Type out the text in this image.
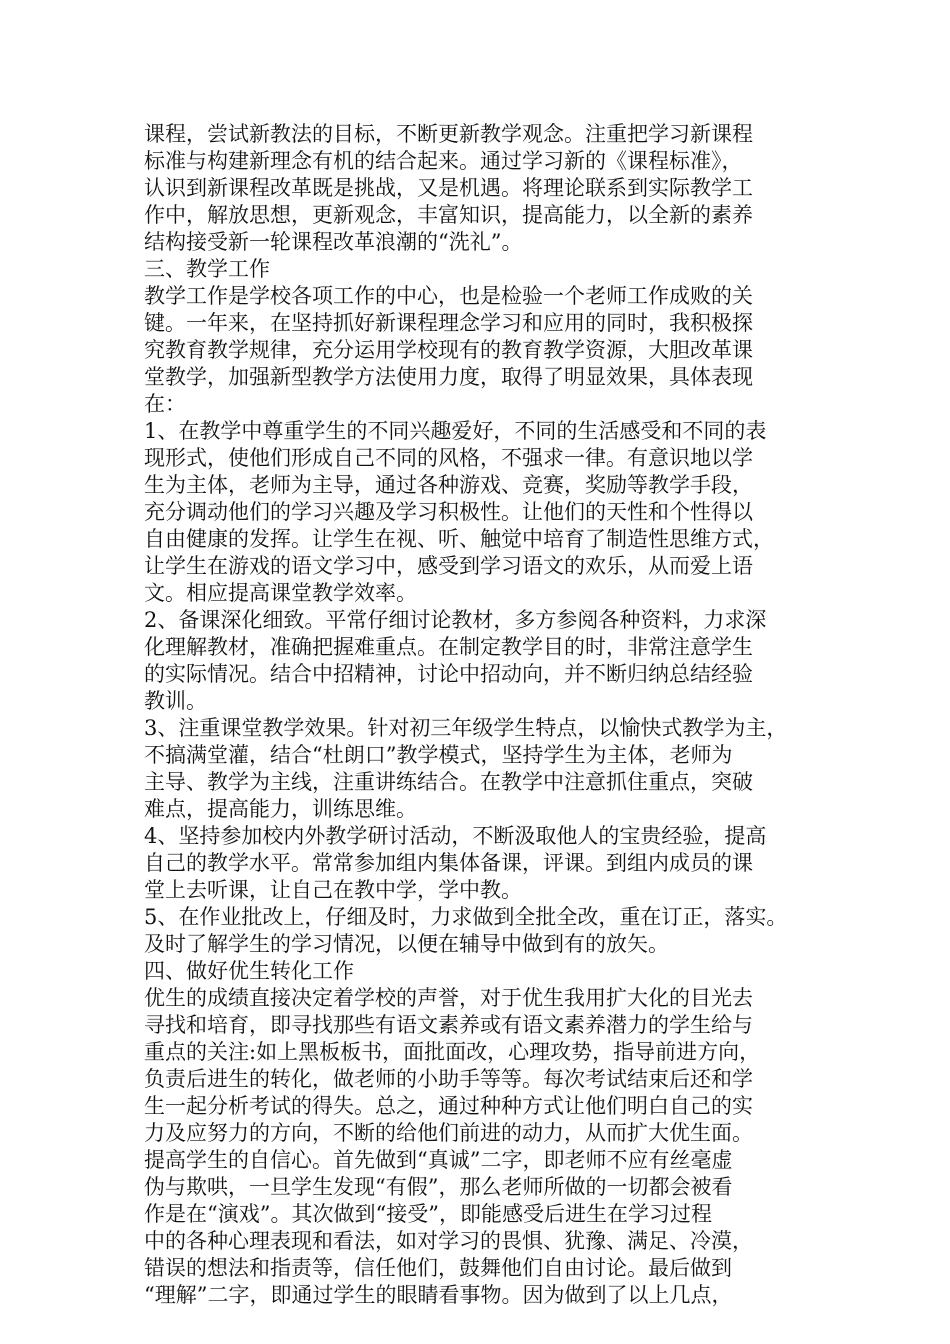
课程，尝试新教法的目标，不断更新教学观念。注重把学习新课程
标准与构建新理念有机的结合起来。通过学习新的《课程标准》，
认识到新课程改革既是挑战，又是机遇。将理论联系到实际教学工
作中，解放思想，更新观念，丰富知识，提高能力，以全新的素养
结构接受新一轮课程改革浪潮的“洗礼”。
三、教学工作
教学工作是学校各项工作的中心，也是检验一个老师工作成败的关
键。一年来，在坚持抓好新课程理念学习和应用的同时，我积极探
究教育教学规律，充分运用学校现有的教育教学资源，大胆改革课
堂教学，加强新型教学方法使用力度，取得了明显效果，具体表现
在：
1、在教学中尊重学生的不同兴趣爱好，不同的生活感受和不同的表
现形式，使他们形成自己不同的风格，不强求一律。有意识地以学
生为主体，老师为主导，通过各种游戏、竞赛，奖励等教学手段，
充分调动他们的学习兴趣及学习积极性。让他们的天性和个性得以
自由健康的发挥。让学生在视、听、触觉中培育了制造性思维方式，
让学生在游戏的语文学习中，感受到学习语文的欢乐，从而爱上语
文。相应提高课堂教学效率。
2、备课深化细致。平常仔细讨论教材，多方参阅各种资料，力求深
化理解教材，准确把握难重点。在制定教学目的时，非常注意学生
的实际情况。结合中招精神，讨论中招动向，并不断归纳总结经验
教训。
3、注重课堂教学效果。针对初三年级学生特点，以愉快式教学为主，
不搞满堂灌，结合“杜朗口”教学模式，坚持学生为主体，老师为
主导、教学为主线，注重讲练结合。在教学中注意抓住重点，突破
难点，提高能力，训练思维。
4、坚持参加校内外教学研讨活动，不断汲取他人的宝贵经验，提高
自己的教学水平。常常参加组内集体备课，评课。到组内成员的课
堂上去听课，让自己在教中学，学中教。
5、在作业批改上，仔细及时，力求做到全批全改，重在订正，落实。
及时了解学生的学习情况，以便在辅导中做到有的放矢。
四、做好优生转化工作
优生的成绩直接决定着学校的声誉，对于优生我用扩大化的目光去
寻找和培育，即寻找那些有语文素养或有语文素养潜力的学生给与
重点的关注:如上黑板板书，面批面改，心理攻势，指导前进方向，
负责后进生的转化，做老师的小助手等等。每次考试结束后还和学
生一起分析考试的得失。总之，通过种种方式让他们明白自己的实
力及应努力的方向，不断的给他们前进的动力，从而扩大优生面。
提高学生的自信心。首先做到“真诚”二字，即老师不应有丝毫虚
伪与欺哄，一旦学生发现“有假”，那么老师所做的一切都会被看
作是在“演戏”。其次做到“接受”，即能感受后进生在学习过程
中的各种心理表现和看法，如对学习的畏惧、犹豫、满足、冷漠，
错误的想法和指责等，信任他们，鼓舞他们自由讨论。最后做到
“理解”二字，即通过学生的眼睛看事物。因为做到了以上几点，
